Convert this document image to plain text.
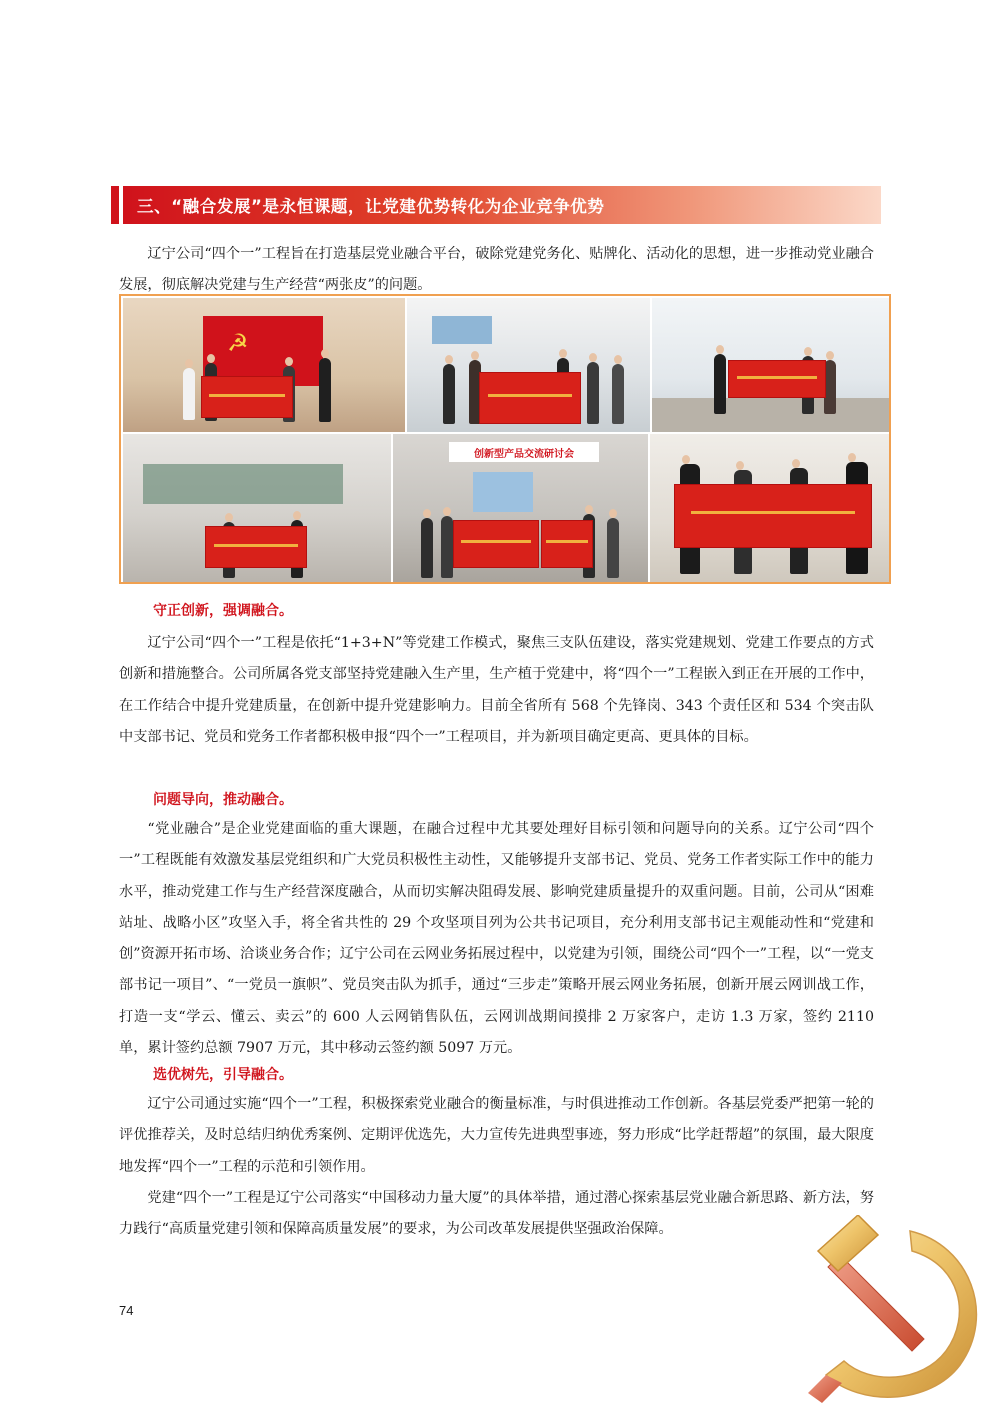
三、“融合发展”是永恒课题，让党建优势转化为企业竞争优势

辽宁公司“四个一”工程旨在打造基层党业融合平台，破除党建党务化、贴牌化、活动化的思想，进一步推动党业融合发展，彻底解决党建与生产经营“两张皮”的问题。

☭
创新型产品交流研讨会
守正创新，强调融合。

辽宁公司“四个一”工程是依托“1+3+N”等党建工作模式，聚焦三支队伍建设，落实党建规划、党建工作要点的方式创新和措施整合。公司所属各党支部坚持党建融入生产里，生产植于党建中，将“四个一”工程嵌入到正在开展的工作中，在工作结合中提升党建质量，在创新中提升党建影响力。目前全省所有 568 个先锋岗、343 个责任区和 534 个突击队中支部书记、党员和党务工作者都积极申报“四个一”工程项目，并为新项目确定更高、更具体的目标。

问题导向，推动融合。

“党业融合”是企业党建面临的重大课题，在融合过程中尤其要处理好目标引领和问题导向的关系。辽宁公司“四个一”工程既能有效激发基层党组织和广大党员积极性主动性，又能够提升支部书记、党员、党务工作者实际工作中的能力水平，推动党建工作与生产经营深度融合，从而切实解决阻碍发展、影响党建质量提升的双重问题。目前，公司从“困难站址、战略小区”攻坚入手，将全省共性的 29 个攻坚项目列为公共书记项目，充分利用支部书记主观能动性和“党建和创”资源开拓市场、洽谈业务合作；辽宁公司在云网业务拓展过程中，以党建为引领，围绕公司“四个一”工程，以“一党支部书记一项目”、“一党员一旗帜”、党员突击队为抓手，通过“三步走”策略开展云网业务拓展，创新开展云网训战工作，打造一支“学云、懂云、卖云”的 600 人云网销售队伍，云网训战期间摸排 2 万家客户，走访 1.3 万家，签约 2110 单，累计签约总额 7907 万元，其中移动云签约额 5097 万元。

选优树先，引导融合。

辽宁公司通过实施“四个一”工程，积极探索党业融合的衡量标准，与时俱进推动工作创新。各基层党委严把第一轮的评优推荐关，及时总结归纳优秀案例、定期评优选先，大力宣传先进典型事迹，努力形成“比学赶帮超”的氛围，最大限度地发挥“四个一”工程的示范和引领作用。

党建“四个一”工程是辽宁公司落实“中国移动力量大厦”的具体举措，通过潜心探索基层党业融合新思路、新方法，努力践行“高质量党建引领和保障高质量发展”的要求，为公司改革发展提供坚强政治保障。

74
